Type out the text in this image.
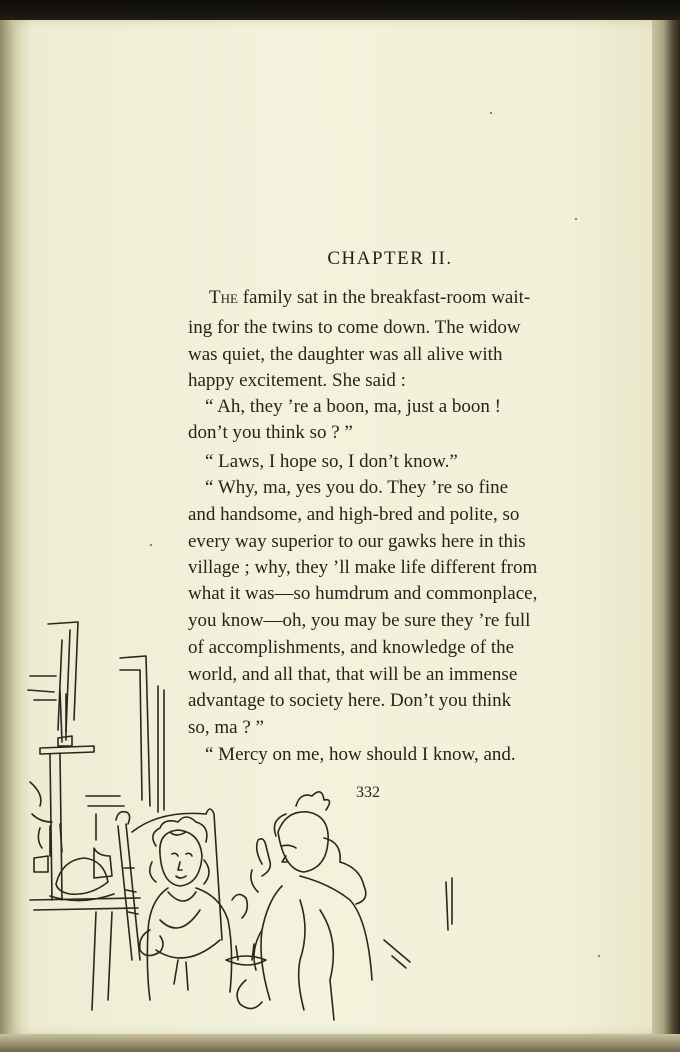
CHAPTER II.

The family sat in the breakfast-room wait-

ing for the twins to come down. The widow

was quiet, the daughter was all alive with

happy excitement. She said :

“ Ah, they ’re a boon, ma, just a boon !

don’t you think so ? ”

“ Laws, I hope so, I don’t know.”

“ Why, ma, yes you do. They ’re so fine

and handsome, and high-bred and polite, so

every way superior to our gawks here in this

village ; why, they ’ll make life different from

what it was—so humdrum and commonplace,

you know—oh, you may be sure they ’re full

of accomplishments, and knowledge of the

world, and all that, that will be an immense

advantage to society here. Don’t you think

so, ma ? ”

“ Mercy on me, how should I know, and.

332
